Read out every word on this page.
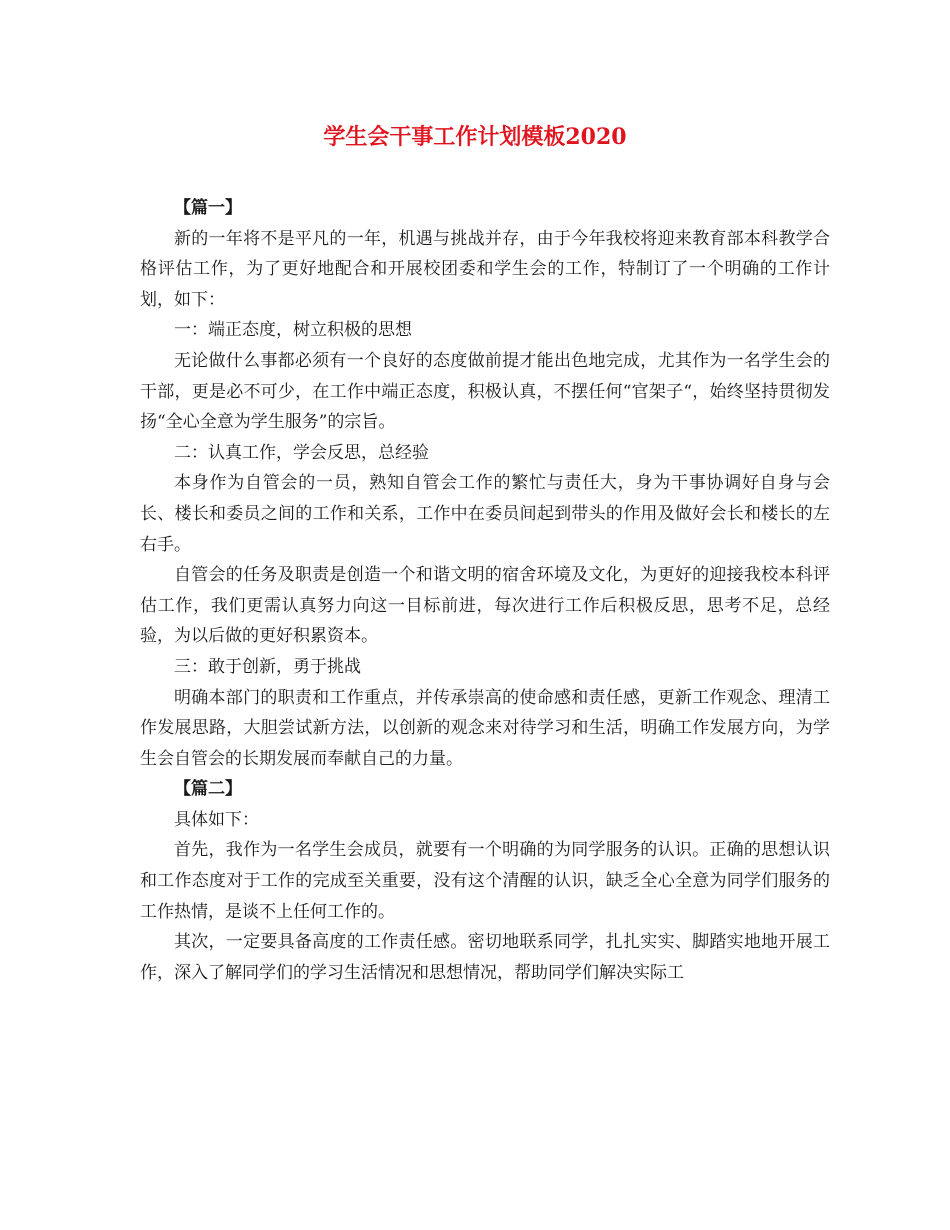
学生会干事工作计划模板2020

【篇一】

新的一年将不是平凡的一年，机遇与挑战并存，由于今年我校将迎来教育部本科教学合格评估工作，为了更好地配合和开展校团委和学生会的工作，特制订了一个明确的工作计划，如下：

一：端正态度，树立积极的思想

无论做什么事都必须有一个良好的态度做前提才能出色地完成，尤其作为一名学生会的干部，更是必不可少，在工作中端正态度，积极认真，不摆任何“官架子“，始终坚持贯彻发扬“全心全意为学生服务”的宗旨。

二：认真工作，学会反思，总经验

本身作为自管会的一员，熟知自管会工作的繁忙与责任大，身为干事协调好自身与会长、楼长和委员之间的工作和关系，工作中在委员间起到带头的作用及做好会长和楼长的左右手。

自管会的任务及职责是创造一个和谐文明的宿舍环境及文化，为更好的迎接我校本科评估工作，我们更需认真努力向这一目标前进，每次进行工作后积极反思，思考不足，总经验，为以后做的更好积累资本。

三：敢于创新，勇于挑战

明确本部门的职责和工作重点，并传承崇高的使命感和责任感，更新工作观念、理清工作发展思路，大胆尝试新方法，以创新的观念来对待学习和生活，明确工作发展方向，为学生会自管会的长期发展而奉献自己的力量。

【篇二】

具体如下：

首先，我作为一名学生会成员，就要有一个明确的为同学服务的认识。正确的思想认识和工作态度对于工作的完成至关重要，没有这个清醒的认识，缺乏全心全意为同学们服务的工作热情，是谈不上任何工作的。

其次，一定要具备高度的工作责任感。密切地联系同学，扎扎实实、脚踏实地地开展工作，深入了解同学们的学习生活情况和思想情况，帮助同学们解决实际工
